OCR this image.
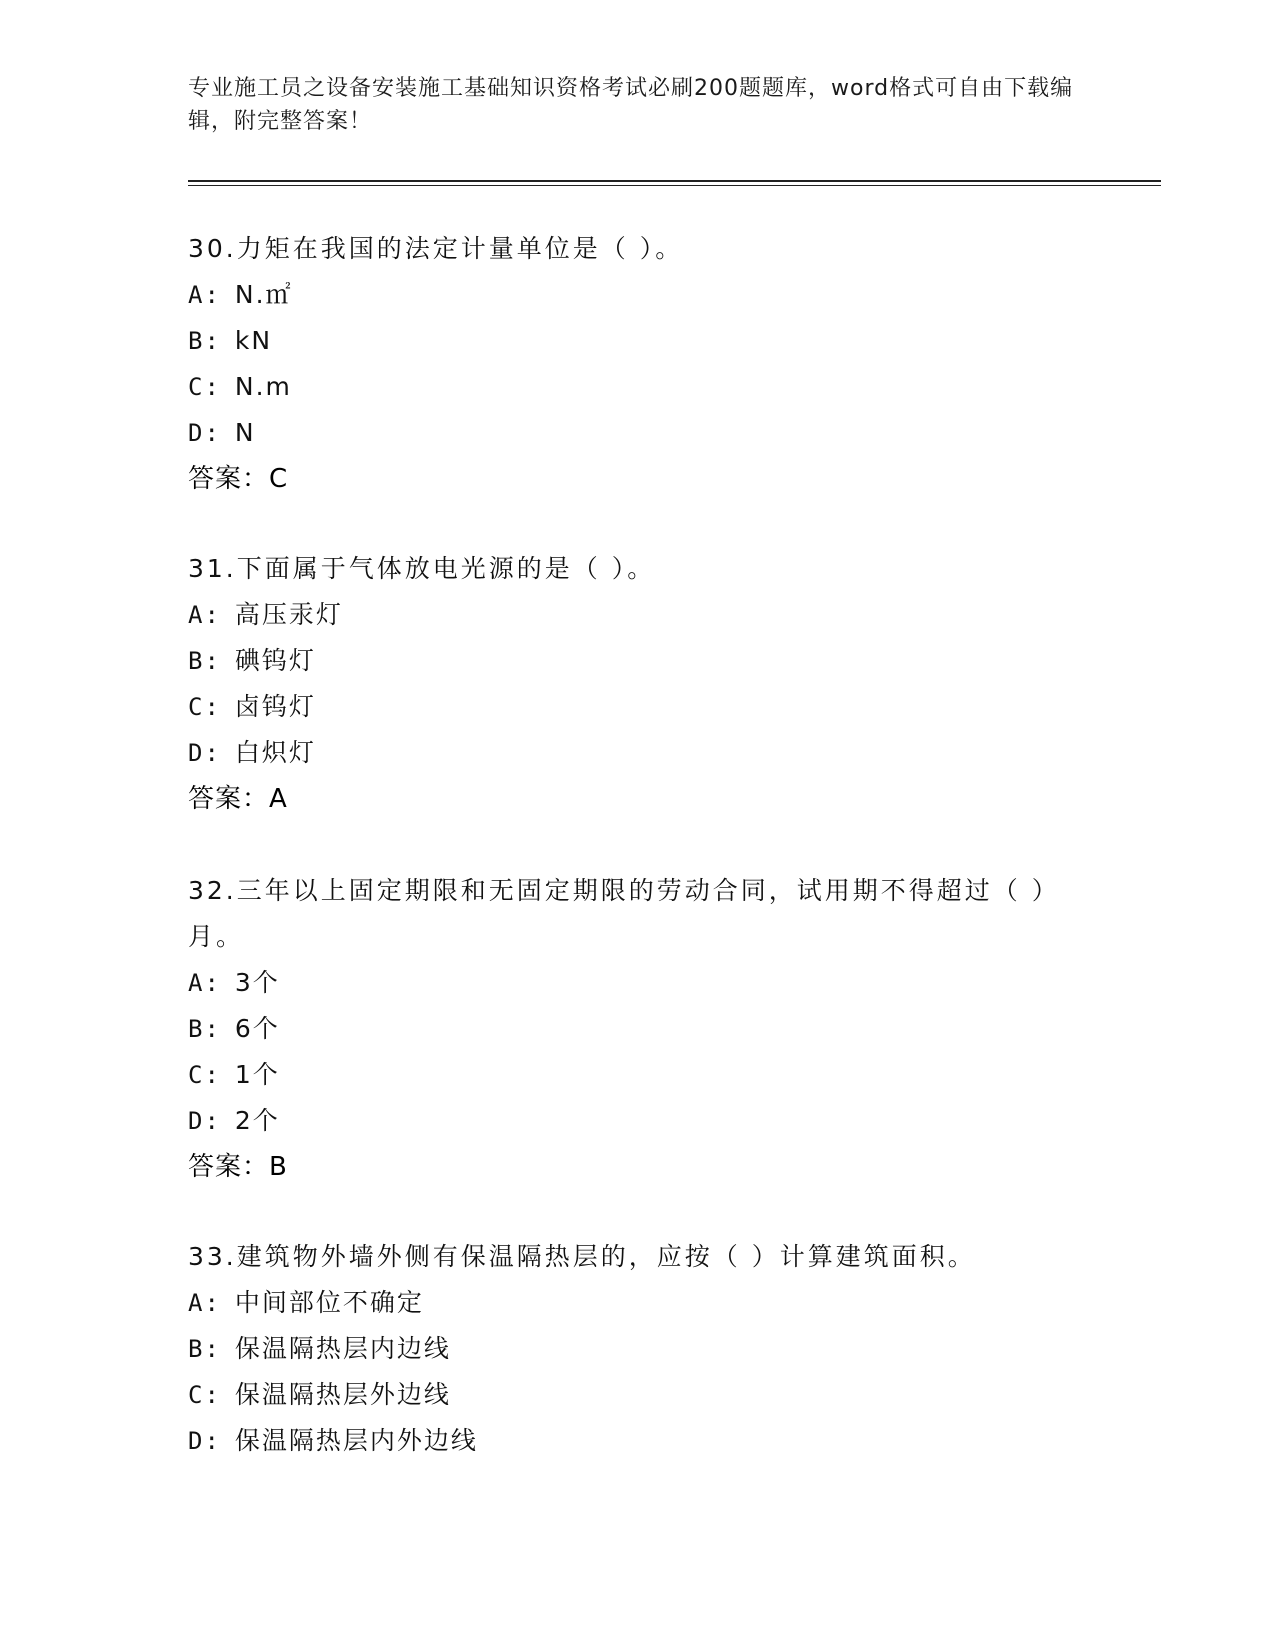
专业施工员之设备安装施工基础知识资格考试必刷200题题库，word格式可自由下载编辑，附完整答案！

30.力矩在我国的法定计量单位是（ ）。

A: N.㎡

B: kN

C: N.m

D: N

答案：C

31.下面属于气体放电光源的是（ ）。

A: 高压汞灯

B: 碘钨灯

C: 卤钨灯

D: 白炽灯

答案：A

32.三年以上固定期限和无固定期限的劳动合同，试用期不得超过（ ）月。

A: 3个

B: 6个

C: 1个

D: 2个

答案：B

33.建筑物外墙外侧有保温隔热层的，应按（ ）计算建筑面积。

A: 中间部位不确定

B: 保温隔热层内边线

C: 保温隔热层外边线

D: 保温隔热层内外边线
